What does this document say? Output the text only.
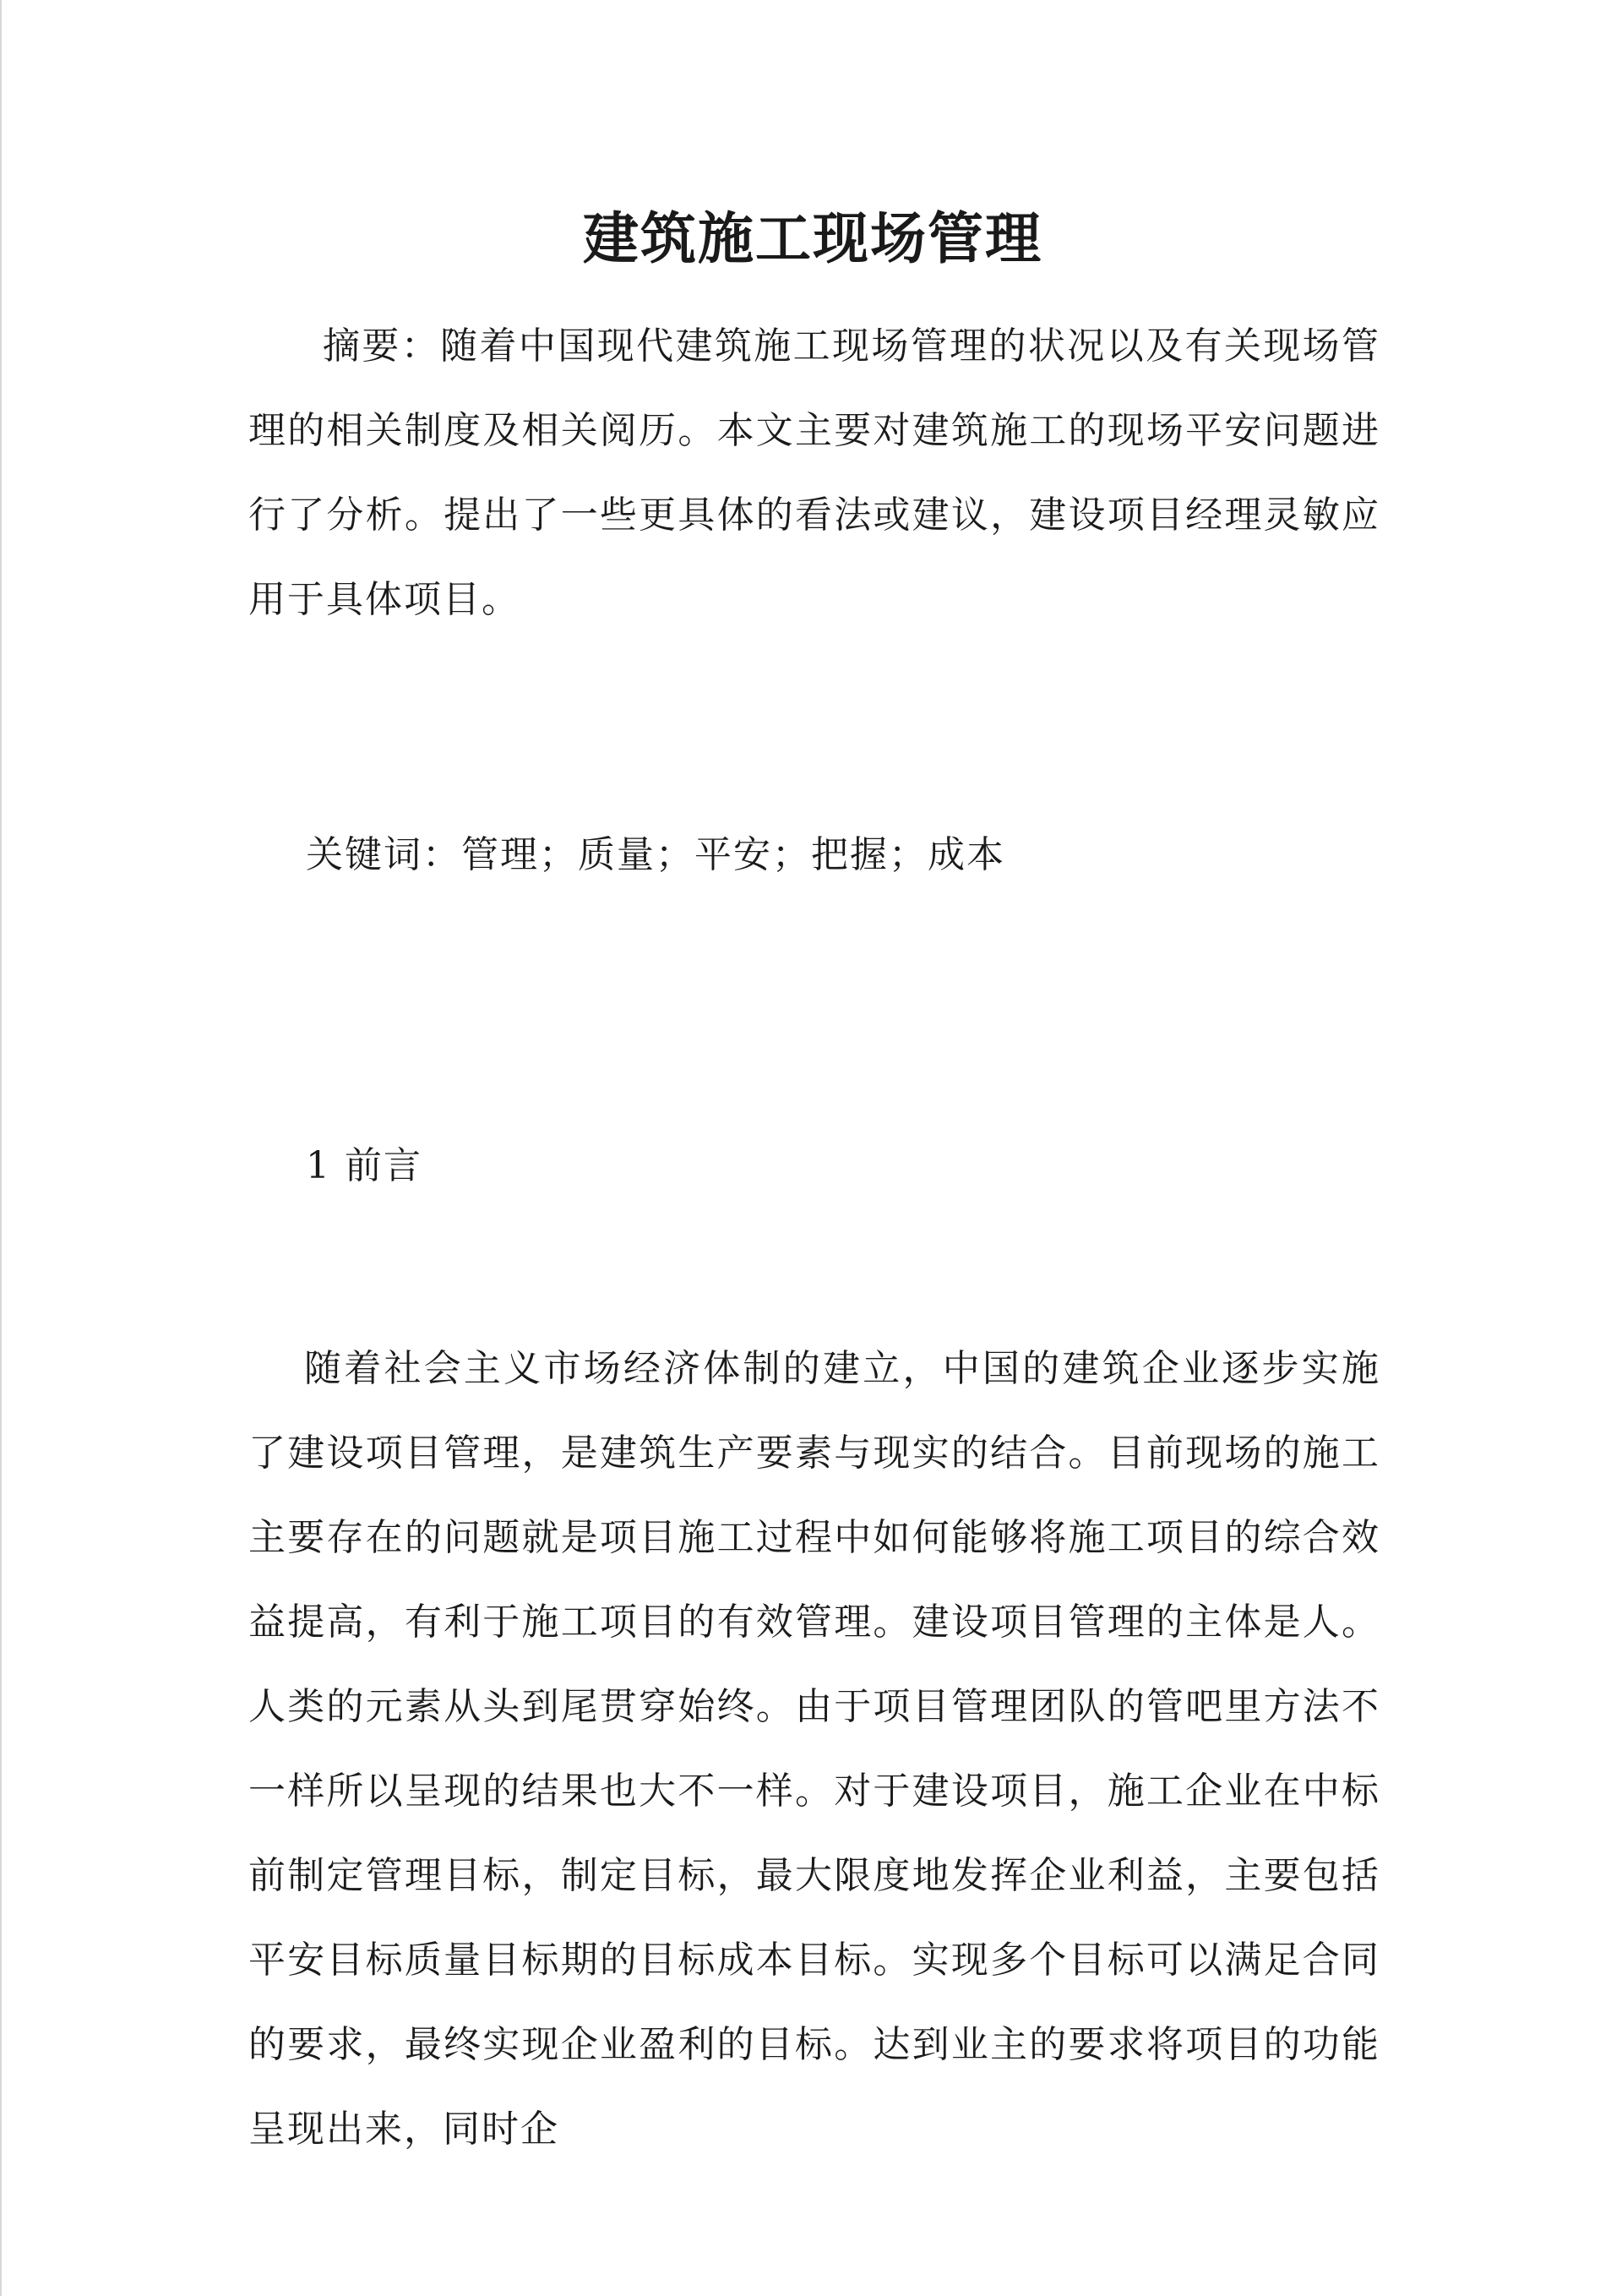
建筑施工现场管理

摘要：随着中国现代建筑施工现场管理的状况以及有关现场管理的相关制度及相关阅历。本文主要对建筑施工的现场平安问题进行了分析。提出了一些更具体的看法或建议，建设项目经理灵敏应用于具体项目。

关键词：管理；质量；平安；把握；成本

1 前言

随着社会主义市场经济体制的建立，中国的建筑企业逐步实施了建设项目管理，是建筑生产要素与现实的结合。目前现场的施工主要存在的问题就是项目施工过程中如何能够将施工项目的综合效益提高，有利于施工项目的有效管理。建设项目管理的主体是人。人类的元素从头到尾贯穿始终。由于项目管理团队的管吧里方法不一样所以呈现的结果也大不一样。对于建设项目，施工企业在中标前制定管理目标，制定目标，最大限度地发挥企业利益，主要包括平安目标质量目标期的目标成本目标。实现多个目标可以满足合同的要求，最终实现企业盈利的目标。达到业主的要求将项目的功能呈现出来，同时企
